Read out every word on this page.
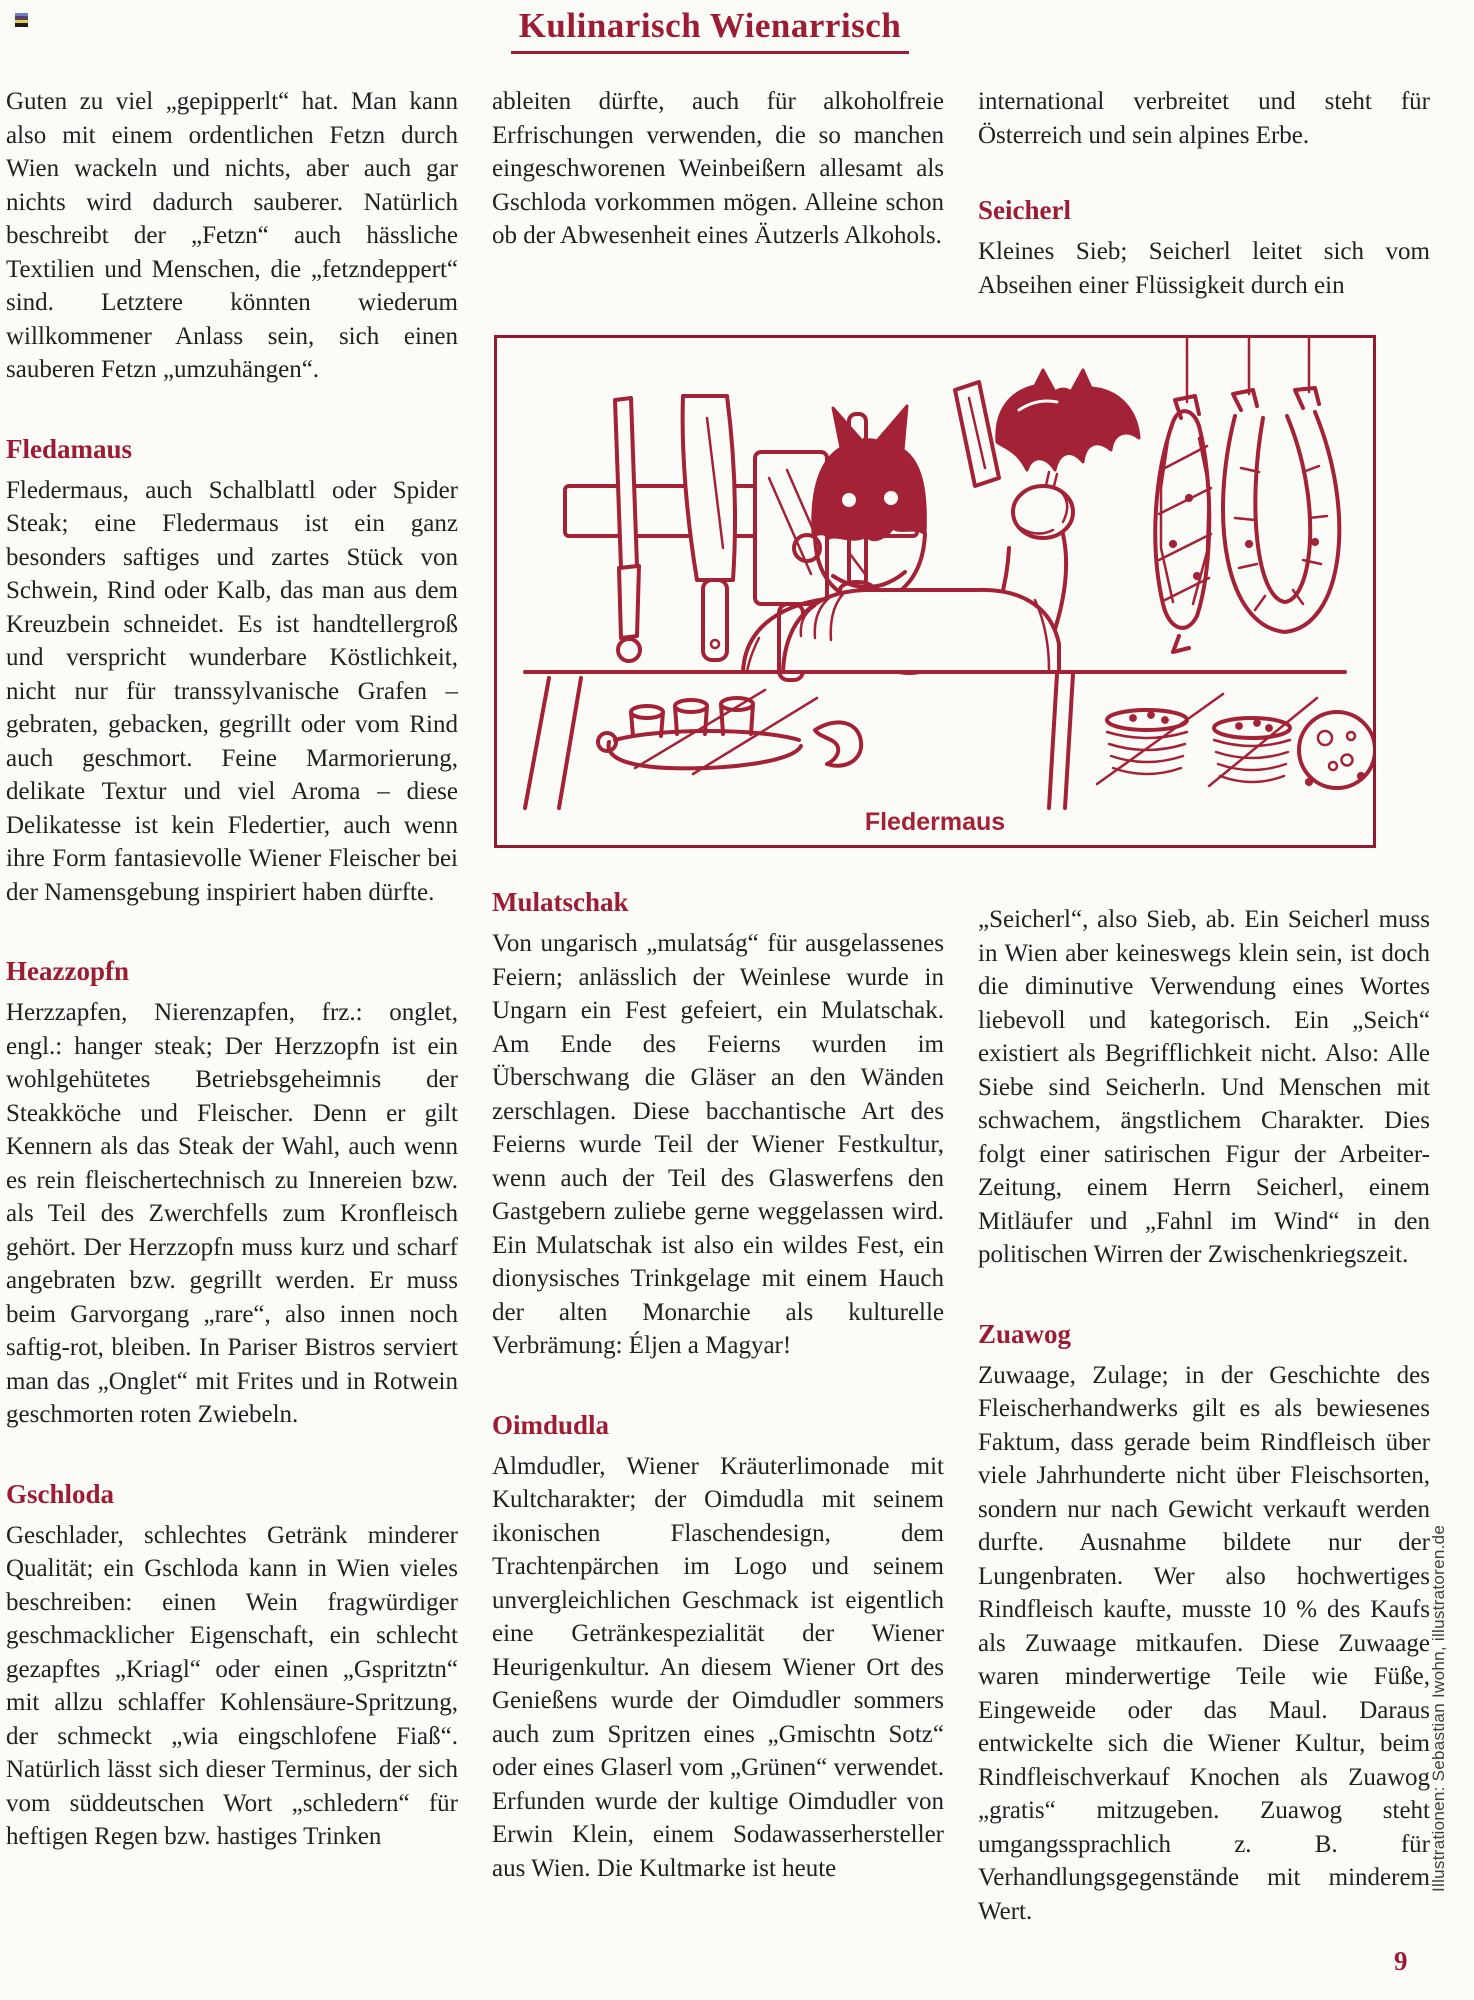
Kulinarisch Wienarrisch

Guten zu viel „gepipperlt“ hat. Man kann also mit einem ordentlichen Fetzn durch Wien wackeln und nichts, aber auch gar nichts wird dadurch sauberer. Natürlich beschreibt der „Fetzn“ auch hässliche Textilien und Menschen, die „fetzndeppert“ sind. Letztere könnten wiederum willkommener Anlass sein, sich einen sauberen Fetzn „umzuhängen“.

Fledamaus

Fledermaus, auch Schalblattl oder Spider Steak; eine Fledermaus ist ein ganz besonders saftiges und zartes Stück von Schwein, Rind oder Kalb, das man aus dem Kreuzbein schneidet. Es ist handtellergroß und verspricht wunderbare Köstlichkeit, nicht nur für transsylvanische Grafen – gebraten, gebacken, gegrillt oder vom Rind auch geschmort. Feine Marmorierung, delikate Textur und viel Aroma – diese Delikatesse ist kein Fledertier, auch wenn ihre Form fantasievolle Wiener Fleischer bei der Namensgebung inspiriert haben dürfte.

Heazzopfn

Herzzapfen, Nierenzapfen, frz.: onglet, engl.: hanger steak; Der Herzzopfn ist ein wohlgehütetes Betriebsgeheimnis der Steakköche und Fleischer. Denn er gilt Kennern als das Steak der Wahl, auch wenn es rein fleischertechnisch zu Innereien bzw. als Teil des Zwerchfells zum Kronfleisch gehört. Der Herzzopfn muss kurz und scharf angebraten bzw. gegrillt werden. Er muss beim Garvorgang „rare“, also innen noch saftig-rot, bleiben. In Pariser Bistros serviert man das „Onglet“ mit Frites und in Rotwein geschmorten roten Zwiebeln.

Gschloda

Geschlader, schlechtes Getränk minderer Qualität; ein Gschloda kann in Wien vieles beschreiben: einen Wein fragwürdiger geschmacklicher Eigenschaft, ein schlecht gezapftes „Kriagl“ oder einen „Gspritztn“ mit allzu schlaffer Kohlensäure-Spritzung, der schmeckt „wia eingschlofene Fiaß“. Natürlich lässt sich dieser Terminus, der sich vom süddeutschen Wort „schledern“ für heftigen Regen bzw. hastiges Trinken

ableiten dürfte, auch für alkoholfreie Erfrischungen verwenden, die so manchen eingeschworenen Weinbeißern allesamt als Gschloda vorkommen mögen. Alleine schon ob der Abwesenheit eines Äutzerls Alkohols.

international verbreitet und steht für Österreich und sein alpines Erbe.

Seicherl

Kleines Sieb; Seicherl leitet sich vom Abseihen einer Flüssigkeit durch ein

Fledermaus
Mulatschak

Von ungarisch „mulatság“ für ausgelassenes Feiern; anlässlich der Weinlese wurde in Ungarn ein Fest gefeiert, ein Mulatschak. Am Ende des Feierns wurden im Überschwang die Gläser an den Wänden zerschlagen. Diese bacchantische Art des Feierns wurde Teil der Wiener Festkultur, wenn auch der Teil des Glaswerfens den Gastgebern zuliebe gerne weggelassen wird. Ein Mulatschak ist also ein wildes Fest, ein dionysisches Trinkgelage mit einem Hauch der alten Monarchie als kulturelle Verbrämung: Éljen a Magyar!

Oimdudla

Almdudler, Wiener Kräuterlimonade mit Kultcharakter; der Oimdudla mit seinem ikonischen Flaschendesign, dem Trachtenpärchen im Logo und seinem unvergleichlichen Geschmack ist eigentlich eine Getränkespezialität der Wiener Heurigenkultur. An diesem Wiener Ort des Genießens wurde der Oimdudler sommers auch zum Spritzen eines „Gmischtn Sotz“ oder eines Glaserl vom „Grünen“ verwendet. Erfunden wurde der kultige Oimdudler von Erwin Klein, einem Sodawasserhersteller aus Wien. Die Kultmarke ist heute

„Seicherl“, also Sieb, ab. Ein Seicherl muss in Wien aber keineswegs klein sein, ist doch die diminutive Verwendung eines Wortes liebevoll und kategorisch. Ein „Seich“ existiert als Begrifflichkeit nicht. Also: Alle Siebe sind Seicherln. Und Menschen mit schwachem, ängstlichem Charakter. Dies folgt einer satirischen Figur der Arbeiter-Zeitung, einem Herrn Seicherl, einem Mitläufer und „Fahnl im Wind“ in den politischen Wirren der Zwischenkriegszeit.

Zuawog

Zuwaage, Zulage; in der Geschichte des Fleischerhandwerks gilt es als bewiesenes Faktum, dass gerade beim Rindfleisch über viele Jahrhunderte nicht über Fleischsorten, sondern nur nach Gewicht verkauft werden durfte. Ausnahme bildete nur der Lungenbraten. Wer also hochwertiges Rindfleisch kaufte, musste 10 % des Kaufs als Zuwaage mitkaufen. Diese Zuwaage waren minderwertige Teile wie Füße, Eingeweide oder das Maul. Daraus entwickelte sich die Wiener Kultur, beim Rindfleischverkauf Knochen als Zuawog „gratis“ mitzugeben. Zuawog steht umgangssprachlich z. B. für Verhandlungsgegenstände mit minderem Wert.

Illustrationen: Sebastian Iwohn, illustratoren.de
9
